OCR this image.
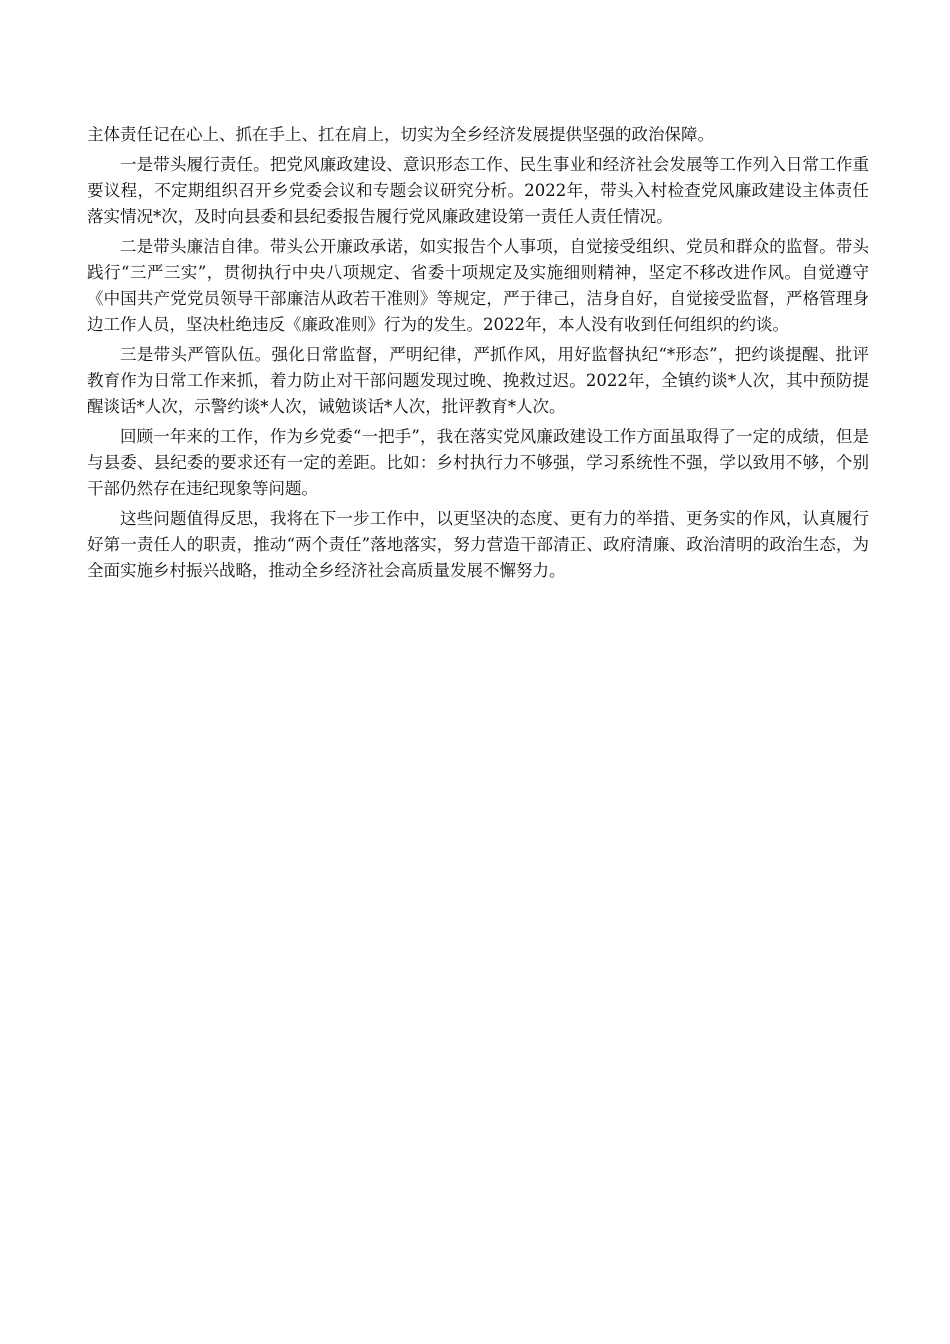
主体责任记在心上、抓在手上、扛在肩上，切实为全乡经济发展提供坚强的政治保障。

一是带头履行责任。把党风廉政建设、意识形态工作、民生事业和经济社会发展等工作列入日常工作重要议程，不定期组织召开乡党委会议和专题会议研究分析。2022年，带头入村检查党风廉政建设主体责任落实情况*次，及时向县委和县纪委报告履行党风廉政建设第一责任人责任情况。

二是带头廉洁自律。带头公开廉政承诺，如实报告个人事项，自觉接受组织、党员和群众的监督。带头践行“三严三实”，贯彻执行中央八项规定、省委十项规定及实施细则精神，坚定不移改进作风。自觉遵守《中国共产党党员领导干部廉洁从政若干准则》等规定，严于律己，洁身自好，自觉接受监督，严格管理身边工作人员，坚决杜绝违反《廉政准则》行为的发生。2022年，本人没有收到任何组织的约谈。

三是带头严管队伍。强化日常监督，严明纪律，严抓作风，用好监督执纪“*形态”，把约谈提醒、批评教育作为日常工作来抓，着力防止对干部问题发现过晚、挽救过迟。2022年，全镇约谈*人次，其中预防提醒谈话*人次，示警约谈*人次，诫勉谈话*人次，批评教育*人次。

回顾一年来的工作，作为乡党委“一把手”，我在落实党风廉政建设工作方面虽取得了一定的成绩，但是与县委、县纪委的要求还有一定的差距。比如：乡村执行力不够强，学习系统性不强，学以致用不够，个别干部仍然存在违纪现象等问题。

这些问题值得反思，我将在下一步工作中，以更坚决的态度、更有力的举措、更务实的作风，认真履行好第一责任人的职责，推动“两个责任”落地落实，努力营造干部清正、政府清廉、政治清明的政治生态，为全面实施乡村振兴战略，推动全乡经济社会高质量发展不懈努力。
